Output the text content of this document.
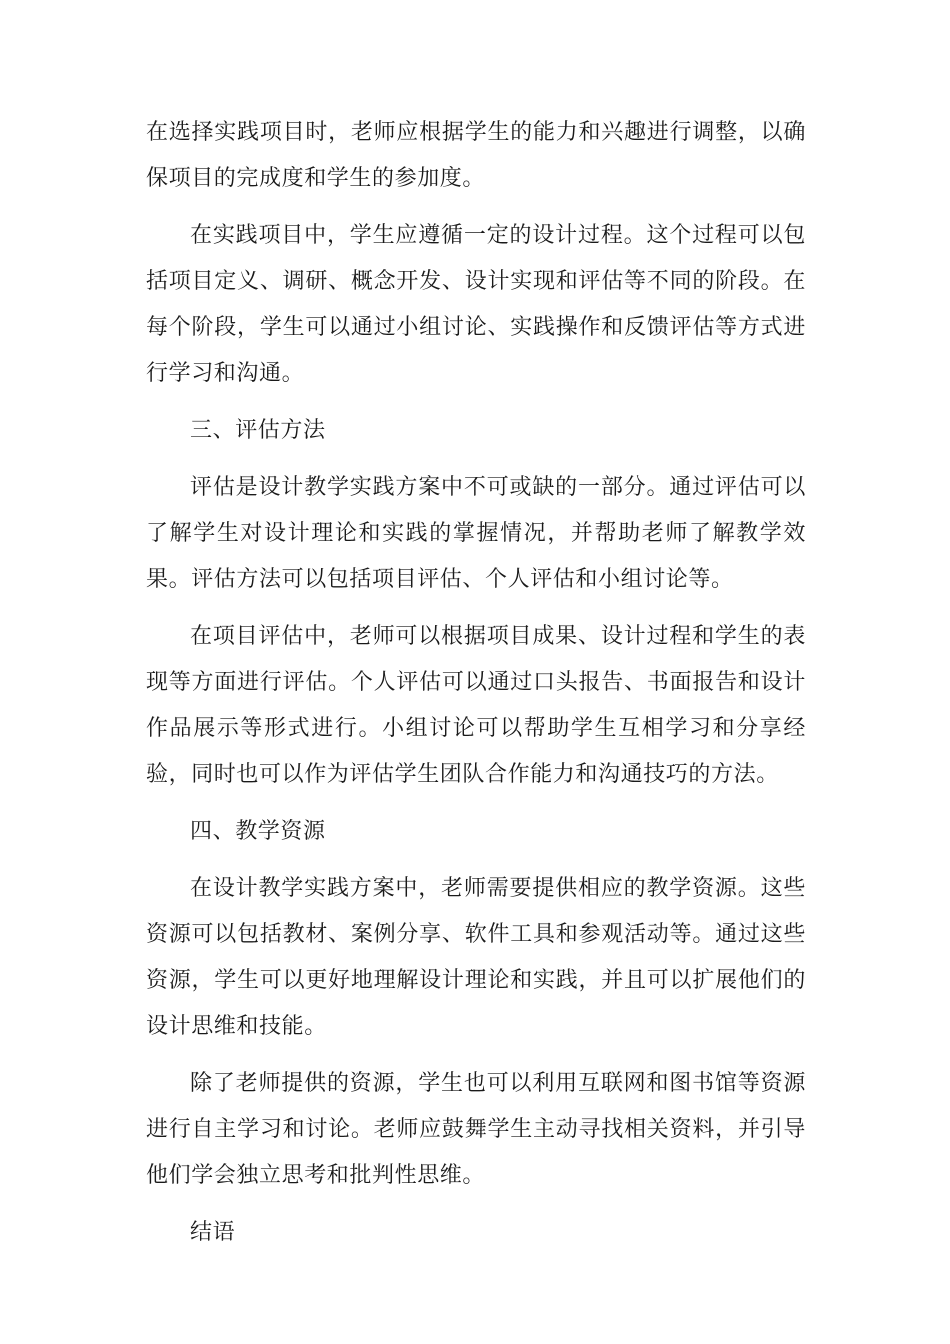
在选择实践项目时，老师应根据学生的能力和兴趣进行调整，以确保项目的完成度和学生的参加度。

在实践项目中，学生应遵循一定的设计过程。这个过程可以包括项目定义、调研、概念开发、设计实现和评估等不同的阶段。在每个阶段，学生可以通过小组讨论、实践操作和反馈评估等方式进行学习和沟通。

三、评估方法

评估是设计教学实践方案中不可或缺的一部分。通过评估可以了解学生对设计理论和实践的掌握情况，并帮助老师了解教学效果。评估方法可以包括项目评估、个人评估和小组讨论等。

在项目评估中，老师可以根据项目成果、设计过程和学生的表现等方面进行评估。个人评估可以通过口头报告、书面报告和设计作品展示等形式进行。小组讨论可以帮助学生互相学习和分享经验，同时也可以作为评估学生团队合作能力和沟通技巧的方法。

四、教学资源

在设计教学实践方案中，老师需要提供相应的教学资源。这些资源可以包括教材、案例分享、软件工具和参观活动等。通过这些资源，学生可以更好地理解设计理论和实践，并且可以扩展他们的设计思维和技能。

除了老师提供的资源，学生也可以利用互联网和图书馆等资源进行自主学习和讨论。老师应鼓舞学生主动寻找相关资料，并引导他们学会独立思考和批判性思维。

结语
